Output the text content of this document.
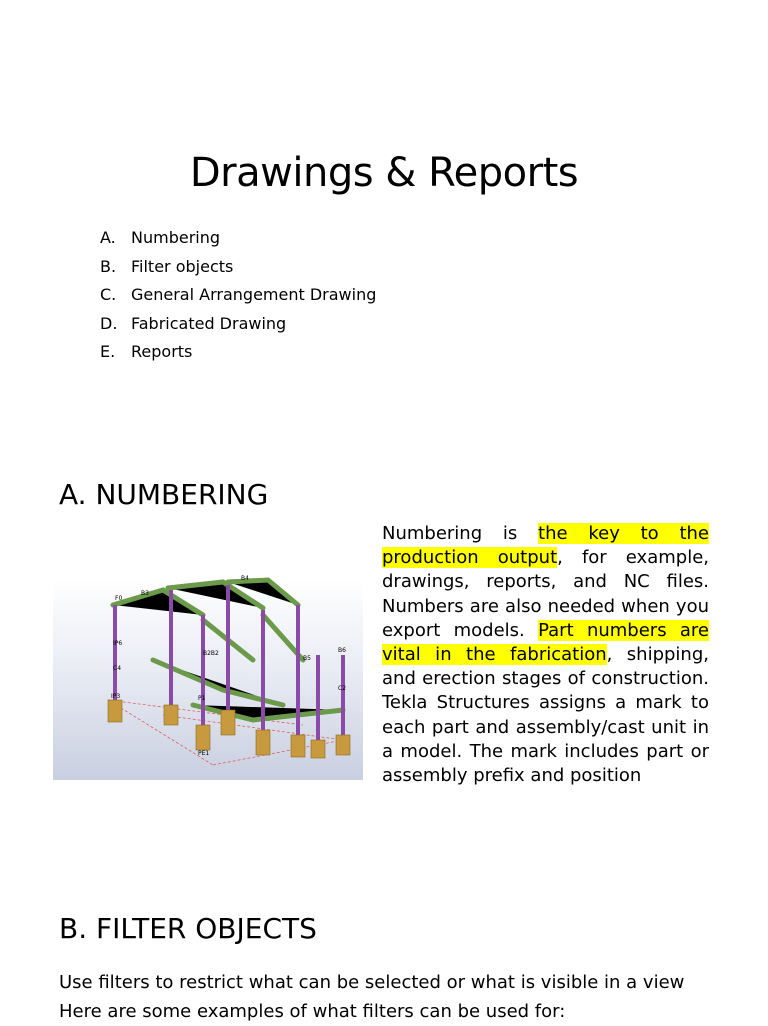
Drawings & Reports
A. Numbering
B. Filter objects
C. General Arrangement Drawing
D. Fabricated Drawing
E. Reports
A. NUMBERING
F0
B3
B4
C11
IP6
C4
IP3	P1
PE1
B2B2
B5
B6
C2
Numbering is the key to the production output, for example, drawings, reports, and NC files. Numbers are also needed when you export models. Part numbers are vital in the fabrication, shipping, and erection stages of construction. Tekla Structures assigns a mark to each part and assembly/cast unit in a model. The mark includes part or assembly prefix and position
B. FILTER OBJECTS
Use filters to restrict what can be selected or what is visible in a view
Here are some examples of what filters can be used for:
